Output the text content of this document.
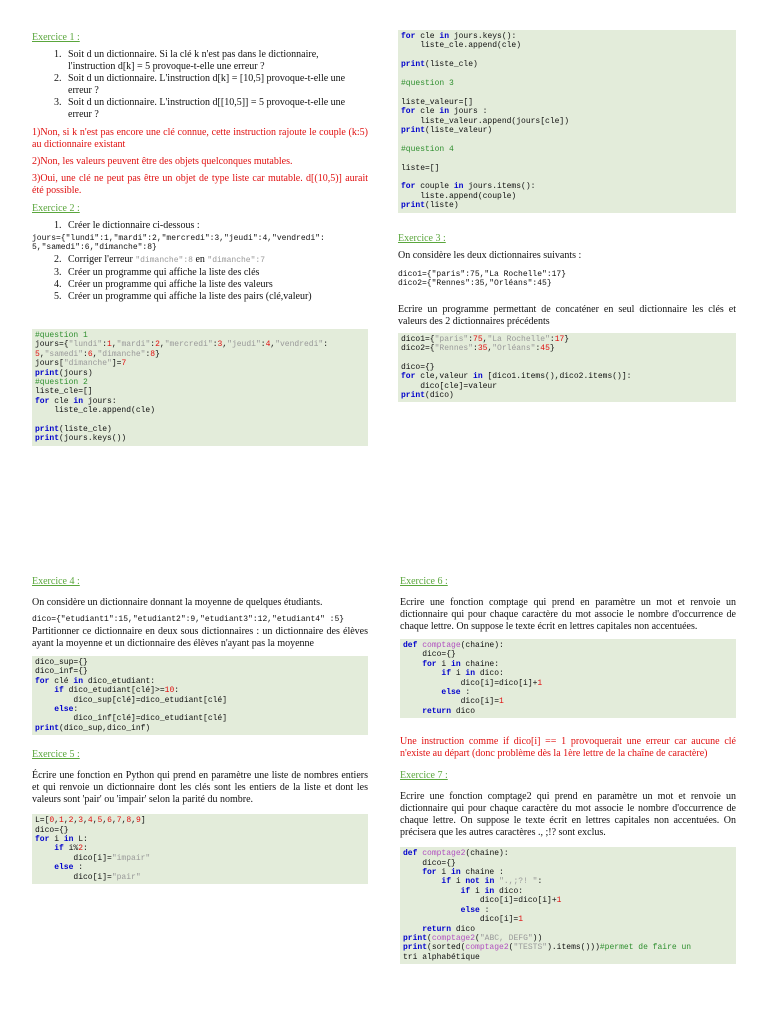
Exercice 1 :
1. Soit d un dictionnaire. Si la clé k n'est pas dans le dictionnaire, l'instruction d[k] = 5 provoque-t-elle une erreur ?
2. Soit d un dictionnaire. L'instruction d[k] = [10,5] provoque-t-elle une erreur ?
3. Soit d un dictionnaire. L'instruction d[[10,5]] = 5 provoque-t-elle une erreur ?
1)Non, si k n'est pas encore une clé connue, cette instruction rajoute le couple (k:5) au dictionnaire existant
2)Non, les valeurs peuvent être des objets quelconques mutables.
3)Oui, une clé ne peut pas être un objet de type liste car mutable. d[(10,5)] aurait été possible.
Exercice 2 :
1. Créer le dictionnaire ci-dessous :
jours={"lundi":1,"mardi":2,"mercredi":3,"jeudi":4,"vendredi": 5,"samedi":6,"dimanche":8}
2. Corriger l'erreur "dimanche":8 en "dimanche":7
3. Créer un programme qui affiche la liste des clés
4. Créer un programme qui affiche la liste des valeurs
5. Créer un programme qui affiche la liste des pairs (clé,valeur)
#question 1
jours={"lundi":1,"mardi":2,"mercredi":3,"jeudi":4,"vendredi":
5,"samedi":6,"dimanche":8}
jours["dimanche"]=7
print(jours)
#question 2
liste_cle=[]
for cle in jours:
liste_cle.append(cle)
print(liste_cle)
print(jours.keys())
for cle in jours.keys():
liste_cle.append(cle)
print(liste_cle)
#question 3
liste_valeur=[]
for cle in jours :
liste_valeur.append(jours[cle])
print(liste_valeur)
#question 4
liste=[]
for couple in jours.items():
liste.append(couple)
print(liste)
Exercice 3 :
On considère les deux dictionnaires suivants :
dico1={"paris":75,"La Rochelle":17}
dico2={"Rennes":35,"Orléans":45}
Ecrire un programme permettant de concaténer en seul dictionnaire les clés et valeurs des 2 dictionnaires précédents
dico1={"paris":75,"La Rochelle":17}
dico2={"Rennes":35,"Orléans":45}
dico={}
for cle,valeur in [dico1.items(),dico2.items()]:
dico[cle]=valeur
print(dico)
Exercice 4 :
On considère un dictionnaire donnant la moyenne de quelques étudiants.
dico={"etudiant1":15,"etudiant2":9,"etudiant3":12,"etudiant4" :5}
Partitionner ce dictionnaire en deux sous dictionnaires : un dictionnaire des élèves ayant la moyenne et un dictionnaire des élèves n'ayant pas la moyenne
dico_sup={}
dico_inf={}
for clé in dico_etudiant:
if dico_etudiant[clé]>=10:
dico_sup[clé]=dico_etudiant[clé]
else:
dico_inf[clé]=dico_etudiant[clé]
print(dico_sup,dico_inf)
Exercice 5 :
Écrire une fonction en Python qui prend en paramètre une liste de nombres entiers et qui renvoie un dictionnaire dont les clés sont les entiers de la liste et dont les valeurs sont 'pair' ou 'impair' selon la parité du nombre.
L=[0,1,2,3,4,5,6,7,8,9]
dico={}
for i in L:
if i%2:
dico[i]="impair"
else :
dico[i]="pair"
Exercice 6 :
Ecrire une fonction comptage qui prend en paramètre un mot et renvoie un dictionnaire qui pour chaque caractère du mot associe le nombre d'occurrence de chaque lettre. On suppose le texte écrit en lettres capitales non accentuées.
def comptage(chaine):
dico={}
for i in chaine:
if i in dico:
dico[i]=dico[i]+1
else :
dico[i]=1
return dico
Une instruction comme if dico[i] == 1 provoquerait une erreur car aucune clé n'existe au départ (donc problème dès la 1ère lettre de la chaîne de caractère)
Exercice 7 :
Ecrire une fonction comptage2 qui prend en paramètre un mot et renvoie un dictionnaire qui pour chaque caractère du mot associe le nombre d'occurrence de chaque lettre. On suppose le texte écrit en lettres capitales non accentuées. On précisera que les autres caractères ., ;!? sont exclus.
def comptage2(chaine):
dico={}
for i in chaine :
if i not in ".,;?! ":
if i in dico:
dico[i]=dico[i]+1
else :
dico[i]=1
return dico
print(comptage2("ABC, DEFG"))
print(sorted(comptage2("TESTS").items()))#permet de faire un
tri alphabétique
